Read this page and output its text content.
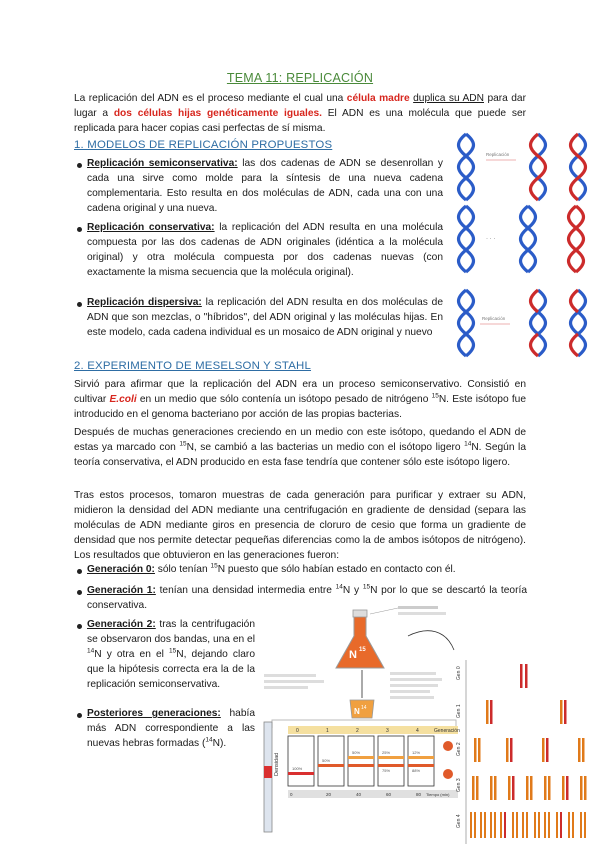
TEMA 11: REPLICACIÓN
La replicación del ADN es el proceso mediante el cual una célula madre duplica su ADN para dar lugar a dos células hijas genéticamente iguales. El ADN es una molécula que puede ser replicada para hacer copias casi perfectas de sí misma.
1. MODELOS DE REPLICACIÓN PROPUESTOS
Replicación semiconservativa: las dos cadenas de ADN se desenrollan y cada una sirve como molde para la síntesis de una nueva cadena complementaria. Esto resulta en dos moléculas de ADN, cada una con una cadena original y una nueva.
Replicación conservativa: la replicación del ADN resulta en una molécula compuesta por las dos cadenas de ADN originales (idéntica a la molécula original) y otra molécula compuesta por dos cadenas nuevas (con exactamente la misma secuencia que la molécula original).
Replicación dispersiva: la replicación del ADN resulta en dos moléculas de ADN que son mezclas, o "híbridos", del ADN original y las moléculas hijas. En este modelo, cada cadena individual es un mosaico de ADN original y nuevo
Replicación
· · ·
Replicación
2. EXPERIMENTO DE MESELSON Y STAHL
Sirvió para afirmar que la replicación del ADN era un proceso semiconservativo. Consistió en cultivar E.coli en un medio que sólo contenía un isótopo pesado de nitrógeno $^{15}$N. Este isótopo fue introducido en el genoma bacteriano por acción de las propias bacterias.
Después de muchas generaciones creciendo en un medio con este isótopo, quedando el ADN de estas ya marcado con $^{15}$N, se cambió a las bacterias un medio con el isótopo ligero $^{14}$N. Según la teoría conservativa, el ADN producido en esta fase tendría que contener sólo este isótopo ligero.
Tras estos procesos, tomaron muestras de cada generación para purificar y extraer su ADN, midieron la densidad del ADN mediante una centrifugación en gradiente de densidad (separa las moléculas de ADN mediante giros en presencia de cloruro de cesio que forma un gradiente de densidad que nos permite detectar pequeñas diferencias como la de ambos isótopos de nitrógeno). Los resultados que obtuvieron en las generaciones fueron:
Generación 0: sólo tenían $^{15}$N puesto que sólo habían estado en contacto con él.
Generación 1: tenían una densidad intermedia entre $^{14}$N y $^{15}$N por lo que se descartó la teoría conservativa.
Generación 2: tras la centrifugación se observaron dos bandas, una en el $^{14}$N y otra en el $^{15}$N, dejando claro que la hipótesis correcta era la de la replicación semiconservativa.
Posteriores generaciones: había más ADN correspondiente a las nuevas hebras formadas ($^{14}$N).
N 15
N 14
Generación
0	1	2	3	4
Densidad	100%
50%
50%	25%
75%
12%
88%
0	20	40	60	80 Tiempo (min)
Gen 0
Gen 1
Gen 2
Gen 3
Gen 4
